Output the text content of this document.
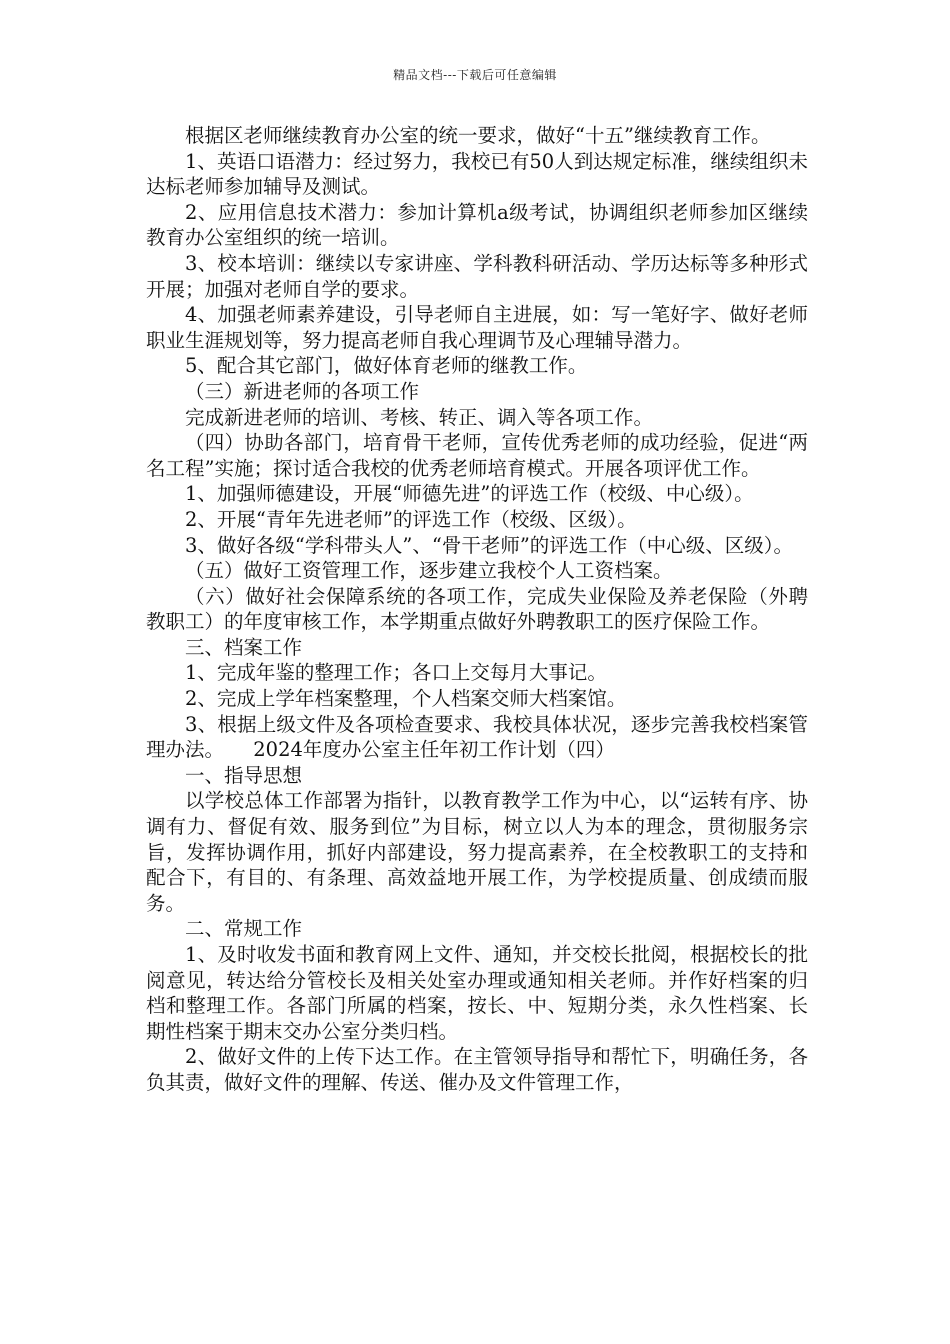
精品文档---下载后可任意编辑

根据区老师继续教育办公室的统一要求，做好“十五”继续教育工作。

1、英语口语潜力：经过努力，我校已有50人到达规定标准，继续组织未达标老师参加辅导及测试。

2、应用信息技术潜力：参加计算机a级考试，协调组织老师参加区继续教育办公室组织的统一培训。

3、校本培训：继续以专家讲座、学科教科研活动、学历达标等多种形式开展；加强对老师自学的要求。

4、加强老师素养建设，引导老师自主进展，如：写一笔好字、做好老师职业生涯规划等，努力提高老师自我心理调节及心理辅导潜力。

5、配合其它部门，做好体育老师的继教工作。

（三）新进老师的各项工作

完成新进老师的培训、考核、转正、调入等各项工作。

（四）协助各部门，培育骨干老师，宣传优秀老师的成功经验，促进“两名工程”实施；探讨适合我校的优秀老师培育模式。开展各项评优工作。

1、加强师德建设，开展“师德先进”的评选工作（校级、中心级）。

2、开展“青年先进老师”的评选工作（校级、区级）。

3、做好各级“学科带头人”、“骨干老师”的评选工作（中心级、区级）。

（五）做好工资管理工作，逐步建立我校个人工资档案。

（六）做好社会保障系统的各项工作，完成失业保险及养老保险（外聘教职工）的年度审核工作，本学期重点做好外聘教职工的医疗保险工作。

三、档案工作

1、完成年鉴的整理工作；各口上交每月大事记。

2、完成上学年档案整理，个人档案交师大档案馆。

3、根据上级文件及各项检查要求、我校具体状况，逐步完善我校档案管理办法。　　2024年度办公室主任年初工作计划（四）

一、指导思想

以学校总体工作部署为指针，以教育教学工作为中心，以“运转有序、协调有力、督促有效、服务到位”为目标，树立以人为本的理念，贯彻服务宗旨，发挥协调作用，抓好内部建设，努力提高素养，在全校教职工的支持和配合下，有目的、有条理、高效益地开展工作，为学校提质量、创成绩而服务。

二、常规工作

1、及时收发书面和教育网上文件、通知，并交校长批阅，根据校长的批阅意见，转达给分管校长及相关处室办理或通知相关老师。并作好档案的归档和整理工作。各部门所属的档案，按长、中、短期分类，永久性档案、长期性档案于期末交办公室分类归档。

2、做好文件的上传下达工作。在主管领导指导和帮忙下，明确任务，各负其责，做好文件的理解、传送、催办及文件管理工作，
